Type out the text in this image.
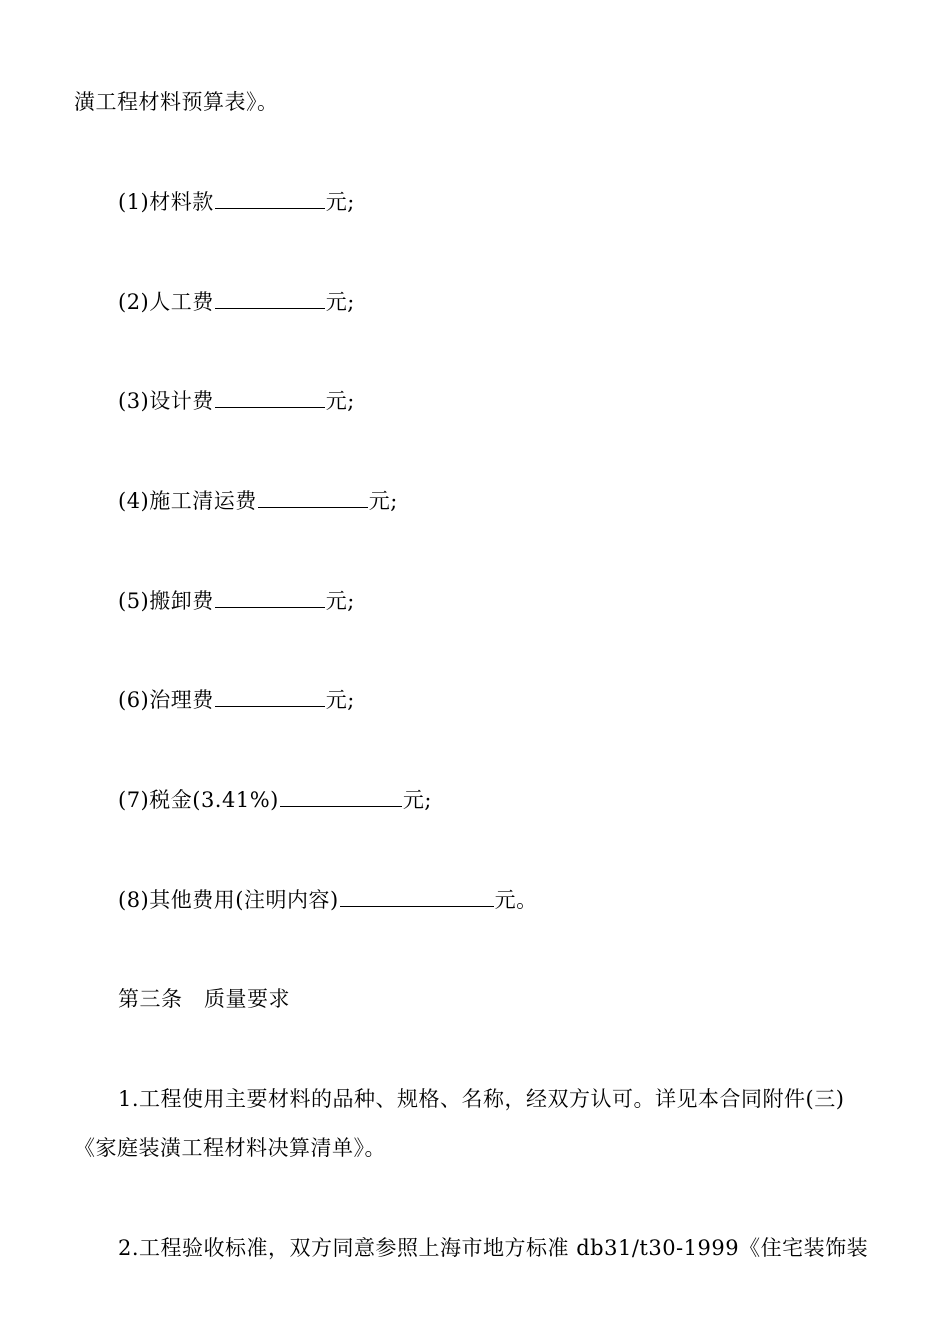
潢工程材料预算表》。
(1)材料款	元;
(2)人工费	元;
(3)设计费	元;
(4)施工清运费	元;
(5)搬卸费	元;
(6)治理费	元;
(7)税金(3.41%)	元;
(8)其他费用(注明内容)	元。
第三条　质量要求
1.工程使用主要材料的品种、规格、名称，经双方认可。详见本合同附件(三)
《家庭装潢工程材料决算清单》。
2.工程验收标准，双方同意参照上海市地方标准 db31/t30-1999《住宅装饰装
